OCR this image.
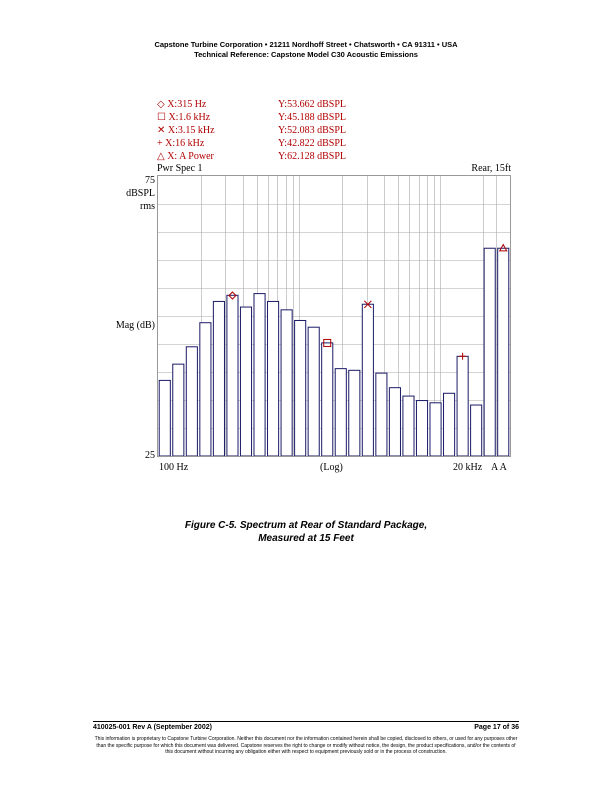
Capstone Turbine Corporation • 21211 Nordhoff Street • Chatsworth • CA 91311 • USA
Technical Reference: Capstone Model C30 Acoustic Emissions
◇ X:315 Hz	Y:53.662 dBSPL
☐ X:1.6 kHz	Y:45.188 dBSPL
✕ X:3.15 kHz	Y:52.083 dBSPL
+ X:16 kHz	Y:42.822 dBSPL
△ X: A Power	Y:62.128 dBSPL
Pwr Spec 1	Rear, 15ft
75
dBSPL
rms
Mag (dB)
25
100 Hz	(Log)	20 kHz A A
Figure C-5. Spectrum at Rear of Standard Package,
Measured at 15 Feet
410025-001 Rev A (September 2002)	Page 17 of 36
This information is proprietary to Capstone Turbine Corporation. Neither this document nor the information contained herein shall be copied, disclosed to others, or used for any purposes other than the specific purpose for which this document was delivered. Capstone reserves the right to change or modify without notice, the design, the product specifications, and/or the contents of this document without incurring any obligation either with respect to equipment previously sold or in the process of construction.
